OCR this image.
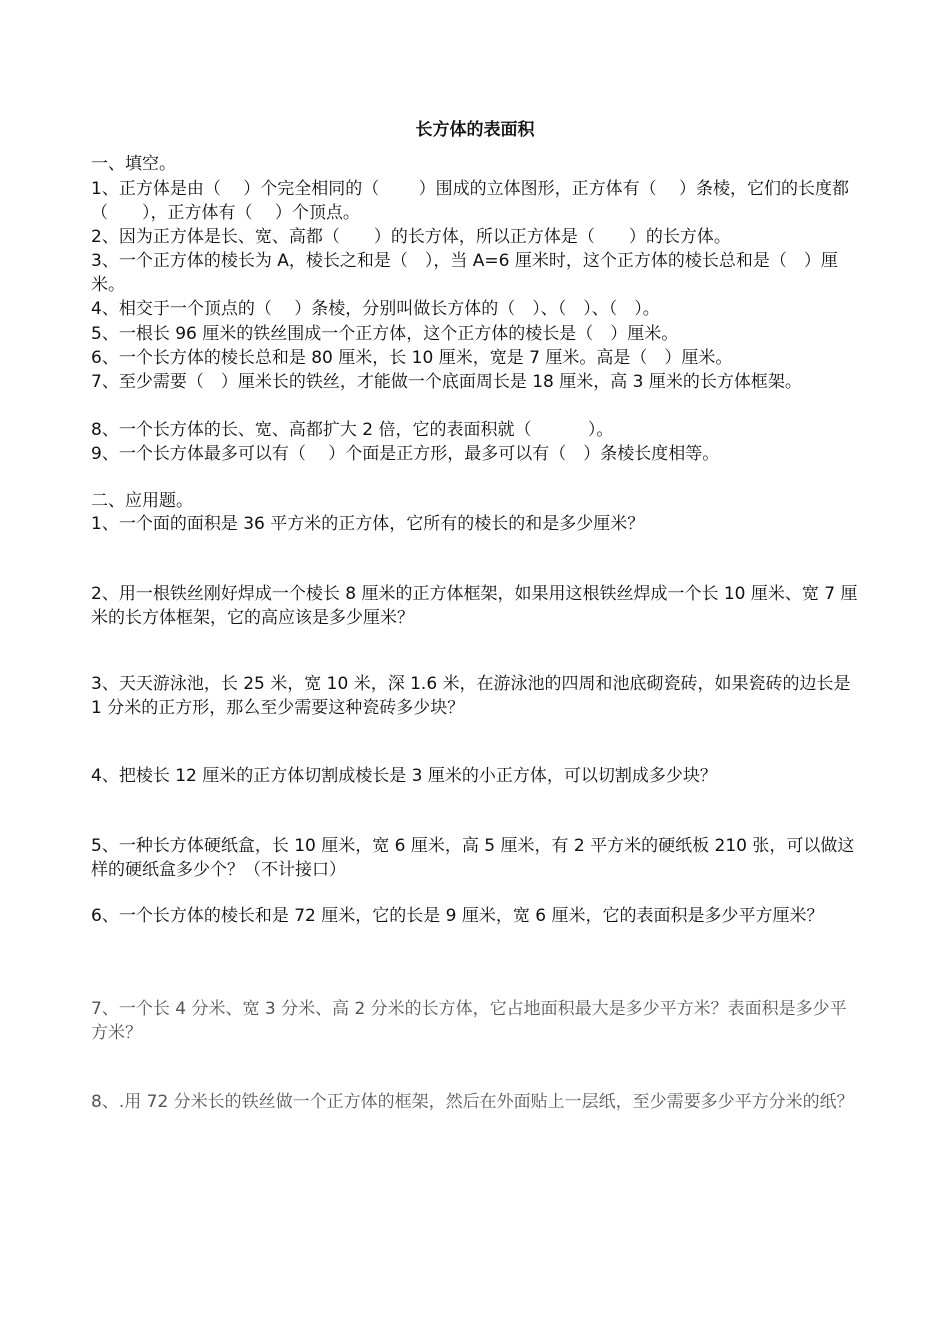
长方体的表面积
一、填空。
1、正方体是由（　 ）个完全相同的（　　 ）围成的立体图形，正方体有（　 ）条棱，它们的长度都（　　），正方体有（　 ）个顶点。
2、因为正方体是长、宽、高都（　　）的长方体，所以正方体是（　　）的长方体。
3、一个正方体的棱长为 A，棱长之和是（　），当 A=6 厘米时，这个正方体的棱长总和是（　）厘米。
4、相交于一个顶点的（　 ）条棱，分别叫做长方体的（　）、（　）、（　）。
5、一根长 96 厘米的铁丝围成一个正方体，这个正方体的棱长是（　）厘米。
6、一个长方体的棱长总和是 80 厘米，长 10 厘米，宽是 7 厘米。高是（　）厘米。
7、至少需要（　）厘米长的铁丝，才能做一个底面周长是 18 厘米，高 3 厘米的长方体框架。
8、一个长方体的长、宽、高都扩大 2 倍，它的表面积就（　　　 ）。
9、一个长方体最多可以有（　 ）个面是正方形，最多可以有（　）条棱长度相等。
二、应用题。
1、一个面的面积是 36 平方米的正方体，它所有的棱长的和是多少厘米？
2、用一根铁丝刚好焊成一个棱长 8 厘米的正方体框架，如果用这根铁丝焊成一个长 10 厘米、宽 7 厘米的长方体框架，它的高应该是多少厘米？
3、天天游泳池，长 25 米，宽 10 米，深 1.6 米，在游泳池的四周和池底砌瓷砖，如果瓷砖的边长是 1 分米的正方形，那么至少需要这种瓷砖多少块？
4、把棱长 12 厘米的正方体切割成棱长是 3 厘米的小正方体，可以切割成多少块？
5、一种长方体硬纸盒，长 10 厘米，宽 6 厘米，高 5 厘米，有 2 平方米的硬纸板 210 张，可以做这样的硬纸盒多少个？（不计接口）
6、一个长方体的棱长和是 72 厘米，它的长是 9 厘米，宽 6 厘米，它的表面积是多少平方厘米？
7、一个长 4 分米、宽 3 分米、高 2 分米的长方体，它占地面积最大是多少平方米？表面积是多少平方米？
8、.用 72 分米长的铁丝做一个正方体的框架，然后在外面贴上一层纸，至少需要多少平方分米的纸？
